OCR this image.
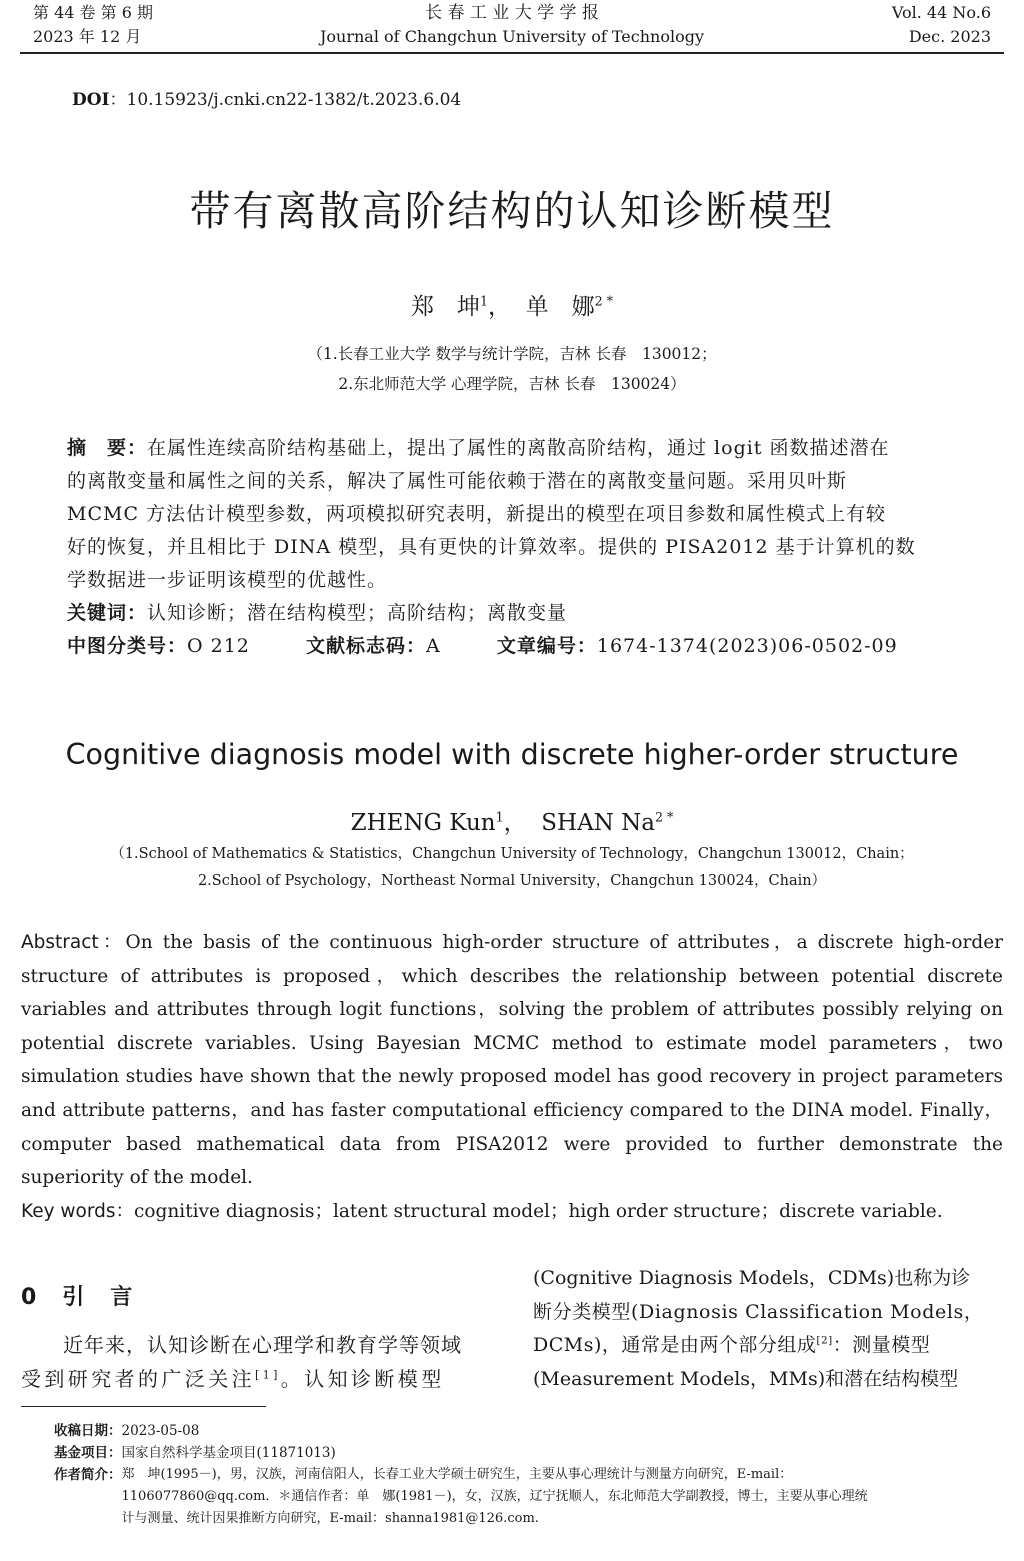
第 44 卷 第 6 期
2023 年 12 月
长 春 工 业 大 学 学 报
Journal of Changchun University of Technology
Vol. 44 No.6
Dec. 2023
DOI：10.15923/j.cnki.cn22-1382/t.2023.6.04
带有离散高阶结构的认知诊断模型
郑　坤$^1$， 单　娜$^{2 *}$
（1.长春工业大学 数学与统计学院，吉林 长春　130012；
2.东北师范大学 心理学院，吉林 长春　130024）
摘　要：在属性连续高阶结构基础上，提出了属性的离散高阶结构，通过 logit 函数描述潜在
的离散变量和属性之间的关系，解决了属性可能依赖于潜在的离散变量问题。采用贝叶斯
MCMC 方法估计模型参数，两项模拟研究表明，新提出的模型在项目参数和属性模式上有较
好的恢复，并且相比于 DINA 模型，具有更快的计算效率。提供的 PISA2012 基于计算机的数
学数据进一步证明该模型的优越性。
关键词：认知诊断；潜在结构模型；高阶结构；离散变量
中图分类号：O 212	文献标志码：A	文章编号：1674-1374(2023)06-0502-09
Cognitive diagnosis model with discrete higher-order structure
ZHENG Kun$^1$， SHAN $Na^{2 *}$
（1.School of Mathematics & Statistics，Changchun University of Technology，Changchun 130012，Chain；
2.School of Psychology，Northeast Normal University，Changchun 130024，Chain）
Abstract：On the basis of the continuous high-order structure of attributes，a discrete high-order
structure of attributes is proposed，which describes the relationship between potential discrete
variables and attributes through logit functions，solving the problem of attributes possibly relying on
potential discrete variables. Using Bayesian MCMC method to estimate model parameters，two
simulation studies have shown that the newly proposed model has good recovery in project parameters
and attribute patterns，and has faster computational efficiency compared to the DINA model. Finally，
computer based mathematical data from PISA2012 were provided to further demonstrate the
superiority of the model.
Key words：cognitive diagnosis；latent structural model；high order structure；discrete variable.
0　引　言
近年来，认知诊断在心理学和教育学等领域
受到研究者的广泛关注[1]。认知诊断模型
(Cognitive Diagnosis Models，CDMs)也称为诊
断分类模型(Diagnosis Classification Models，
DCMs)，通常是由两个部分组成[2]：测量模型
(Measurement Models，MMs)和潜在结构模型
收稿日期：2023-05-08
基金项目：国家自然科学基金项目(11871013)
作者简介： 郑　坤(1995－)，男，汉族，河南信阳人，长春工业大学硕士研究生，主要从事心理统计与测量方向研究，E-mail：
1106077860@qq.com．＊通信作者：单　娜(1981－)，女，汉族，辽宁抚顺人，东北师范大学副教授，博士，主要从事心理统
计与测量、统计因果推断方向研究，E-mail：shanna1981@126.com.
